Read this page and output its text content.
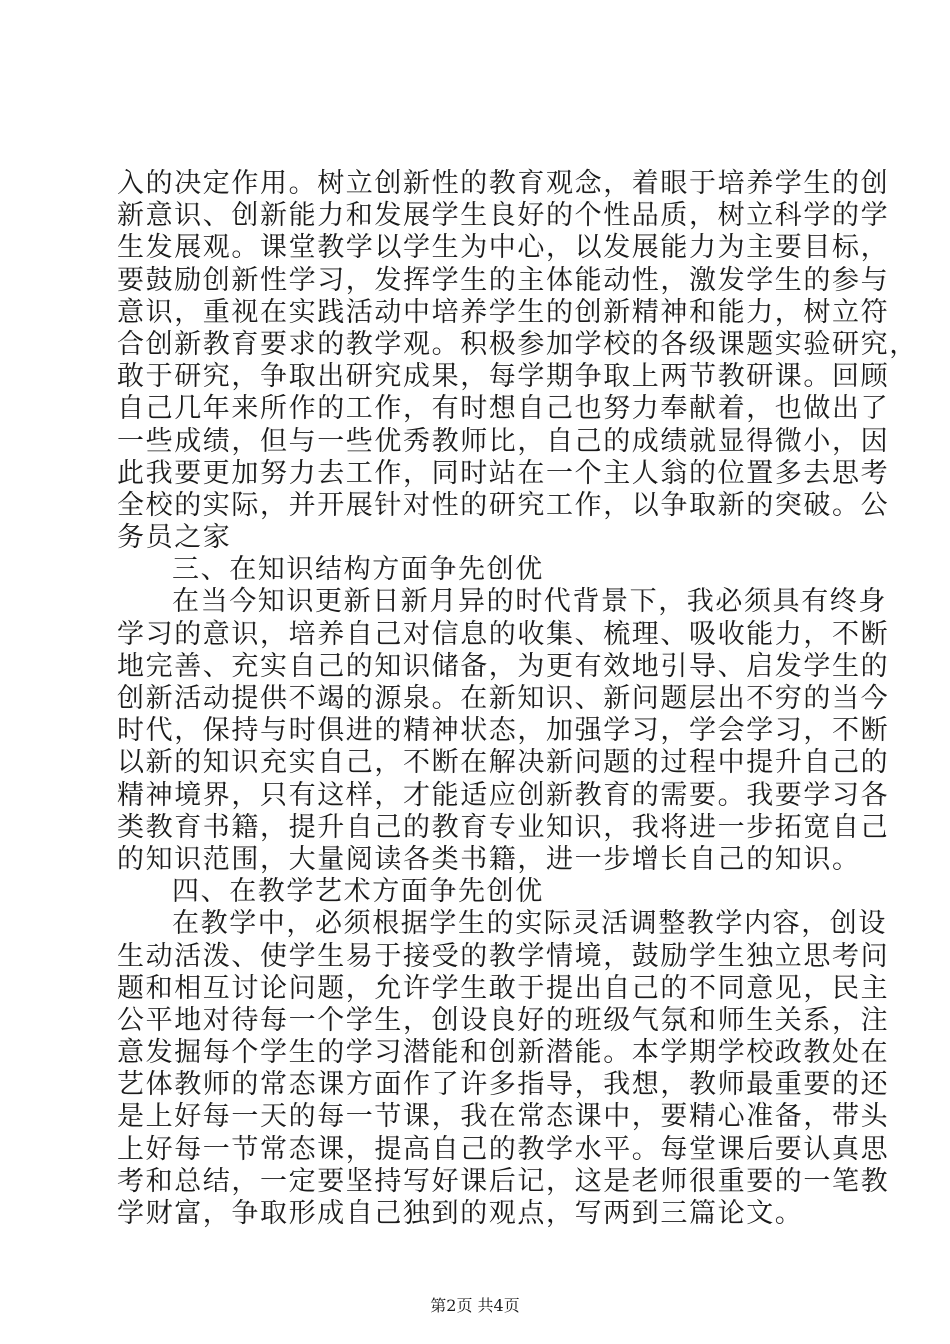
入的决定作用。树立创新性的教育观念，着眼于培养学生的创

新意识、创新能力和发展学生良好的个性品质，树立科学的学

生发展观。课堂教学以学生为中心，以发展能力为主要目标，

要鼓励创新性学习，发挥学生的主体能动性，激发学生的参与

意识，重视在实践活动中培养学生的创新精神和能力，树立符

合创新教育要求的教学观。积极参加学校的各级课题实验研究，

敢于研究，争取出研究成果，每学期争取上两节教研课。回顾

自己几年来所作的工作，有时想自己也努力奉献着，也做出了

一些成绩，但与一些优秀教师比，自己的成绩就显得微小，因

此我要更加努力去工作，同时站在一个主人翁的位置多去思考

全校的实际，并开展针对性的研究工作，以争取新的突破。公

务员之家

三、在知识结构方面争先创优

在当今知识更新日新月异的时代背景下，我必须具有终身

学习的意识，培养自己对信息的收集、梳理、吸收能力，不断

地完善、充实自己的知识储备，为更有效地引导、启发学生的

创新活动提供不竭的源泉。在新知识、新问题层出不穷的当今

时代，保持与时俱进的精神状态，加强学习，学会学习，不断

以新的知识充实自己，不断在解决新问题的过程中提升自己的

精神境界，只有这样，才能适应创新教育的需要。我要学习各

类教育书籍，提升自己的教育专业知识，我将进一步拓宽自己

的知识范围，大量阅读各类书籍，进一步增长自己的知识。

四、在教学艺术方面争先创优

在教学中，必须根据学生的实际灵活调整教学内容，创设

生动活泼、使学生易于接受的教学情境，鼓励学生独立思考问

题和相互讨论问题，允许学生敢于提出自己的不同意见，民主

公平地对待每一个学生，创设良好的班级气氛和师生关系，注

意发掘每个学生的学习潜能和创新潜能。本学期学校政教处在

艺体教师的常态课方面作了许多指导，我想，教师最重要的还

是上好每一天的每一节课，我在常态课中，要精心准备，带头

上好每一节常态课，提高自己的教学水平。每堂课后要认真思

考和总结，一定要坚持写好课后记，这是老师很重要的一笔教

学财富，争取形成自己独到的观点，写两到三篇论文。

第2页 共4页
